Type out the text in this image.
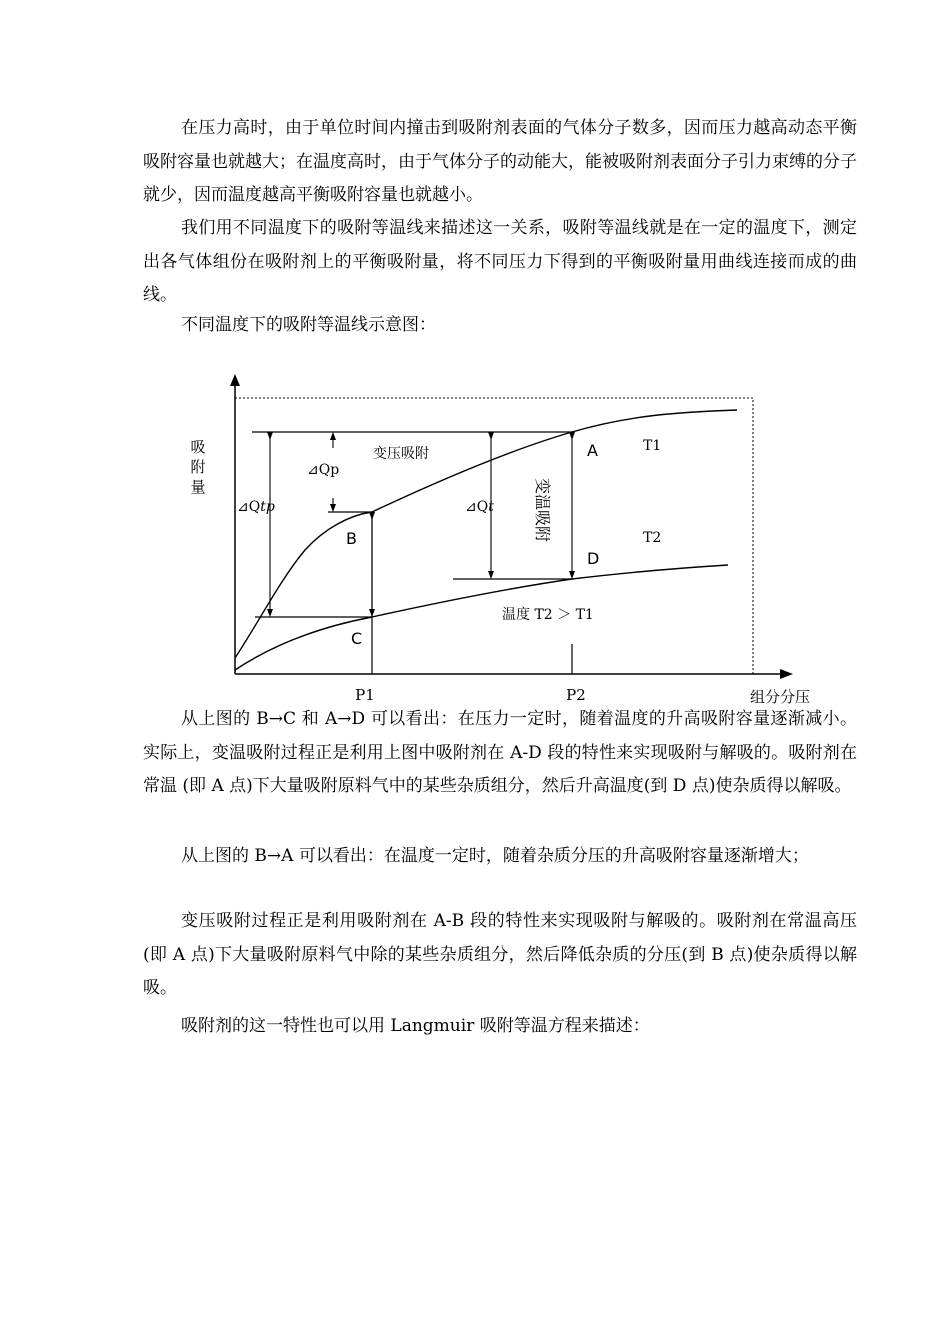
在压力高时，由于单位时间内撞击到吸附剂表面的气体分子数多，因而压力越高动态平衡吸附容量也就越大；在温度高时，由于气体分子的动能大，能被吸附剂表面分子引力束缚的分子就少，因而温度越高平衡吸附容量也就越小。

我们用不同温度下的吸附等温线来描述这一关系，吸附等温线就是在一定的温度下，测定出各气体组份在吸附剂上的平衡吸附量，将不同压力下得到的平衡吸附量用曲线连接而成的曲线。

不同温度下的吸附等温线示意图：

吸
附
量
变压吸附
⊿Qp
⊿Qtp	⊿Qt 变温吸附
T1
T2
温度 T2 ＞ T1
A
B
C
D
P1	P2	组分分压

从上图的 B→C 和 A→D 可以看出：在压力一定时，随着温度的升高吸附容量逐渐减小。实际上，变温吸附过程正是利用上图中吸附剂在 A-D 段的特性来实现吸附与解吸的。吸附剂在常温 (即 A 点)下大量吸附原料气中的某些杂质组分，然后升高温度(到 D 点)使杂质得以解吸。

从上图的 B→A 可以看出：在温度一定时，随着杂质分压的升高吸附容量逐渐增大；

变压吸附过程正是利用吸附剂在 A-B 段的特性来实现吸附与解吸的。吸附剂在常温高压(即 A 点)下大量吸附原料气中除的某些杂质组分，然后降低杂质的分压(到 B 点)使杂质得以解吸。

吸附剂的这一特性也可以用 Langmuir 吸附等温方程来描述：
